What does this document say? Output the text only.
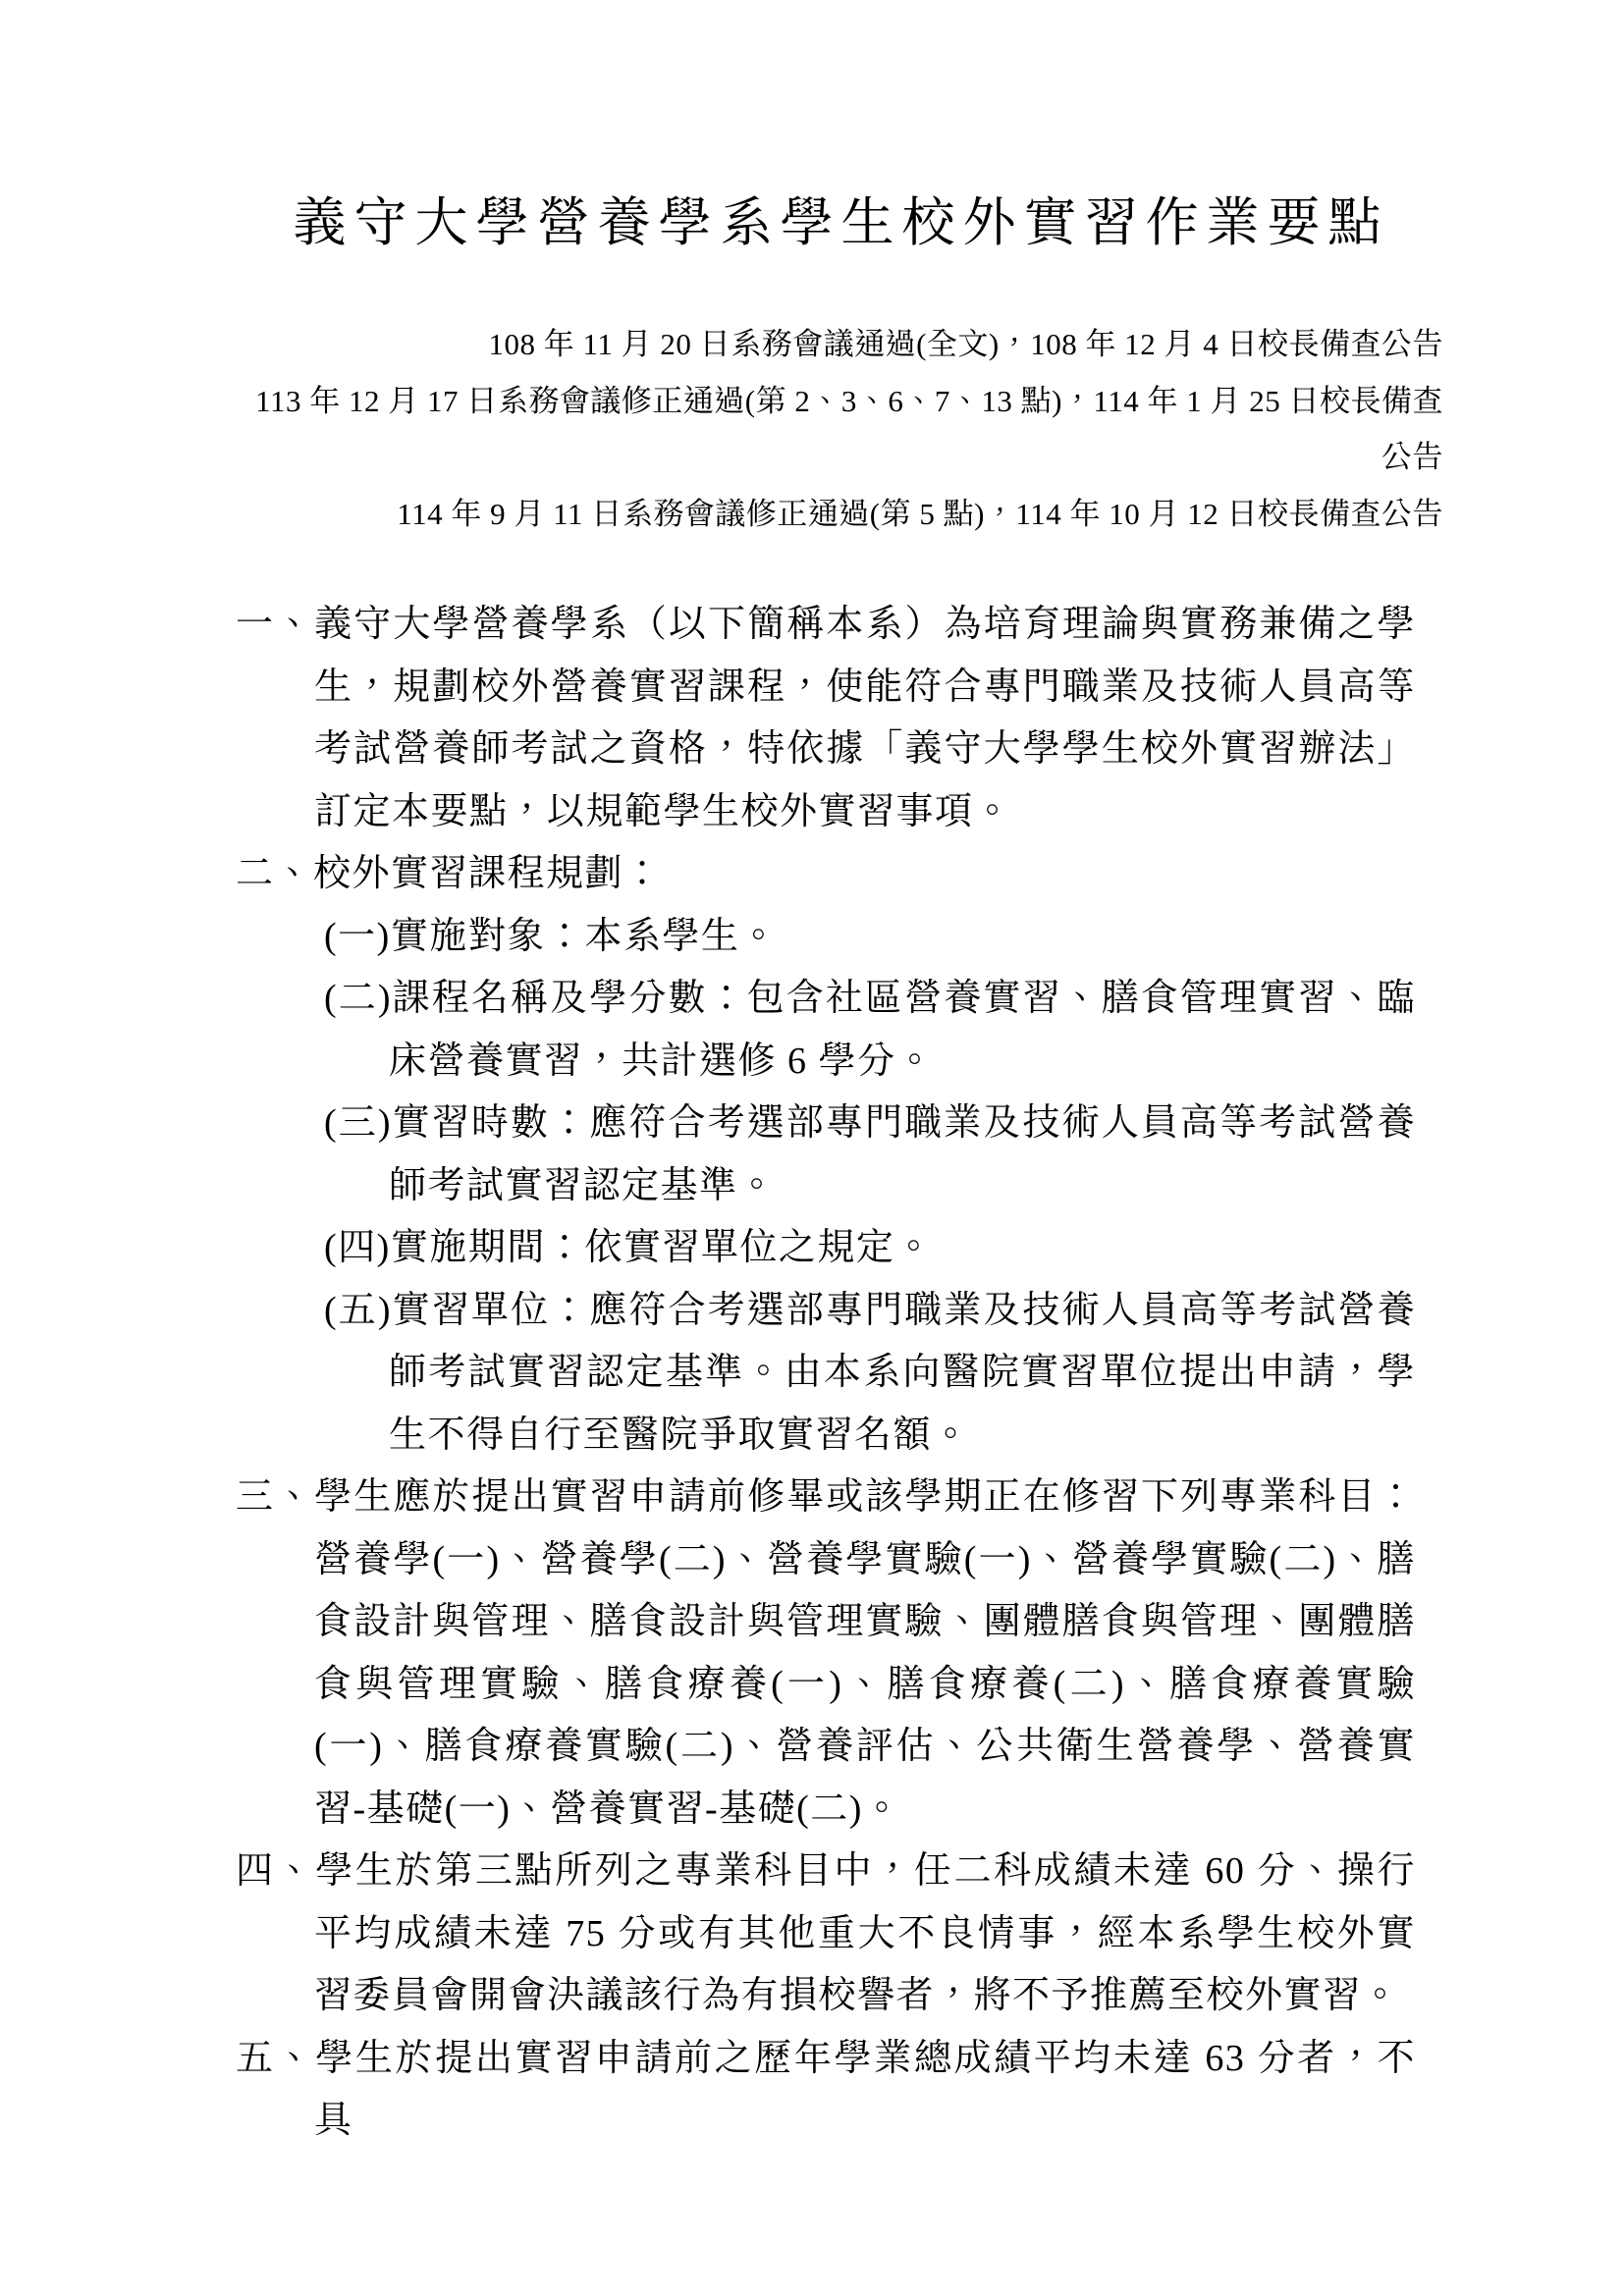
義守大學營養學系學生校外實習作業要點

108 年 11 月 20 日系務會議通過(全文)，108 年 12 月 4 日校長備查公告

113 年 12 月 17 日系務會議修正通過(第 2、3、6、7、13 點)，114 年 1 月 25 日校長備查公告

114 年 9 月 11 日系務會議修正通過(第 5 點)，114 年 10 月 12 日校長備查公告

一、義守大學營養學系（以下簡稱本系）為培育理論與實務兼備之學生，規劃校外營養實習課程，使能符合專門職業及技術人員高等考試營養師考試之資格，特依據「義守大學學生校外實習辦法」訂定本要點，以規範學生校外實習事項。
二、校外實習課程規劃：
(一)實施對象：本系學生。
(二)課程名稱及學分數：包含社區營養實習、膳食管理實習、臨床營養實習，共計選修 6 學分。
(三)實習時數：應符合考選部專門職業及技術人員高等考試營養師考試實習認定基準。
(四)實施期間：依實習單位之規定。
(五)實習單位：應符合考選部專門職業及技術人員高等考試營養師考試實習認定基準。由本系向醫院實習單位提出申請，學生不得自行至醫院爭取實習名額。
三、學生應於提出實習申請前修畢或該學期正在修習下列專業科目：營養學(一)、營養學(二)、營養學實驗(一)、營養學實驗(二)、膳食設計與管理、膳食設計與管理實驗、團體膳食與管理、團體膳食與管理實驗、膳食療養(一)、膳食療養(二)、膳食療養實驗(一)、膳食療養實驗(二)、營養評估、公共衛生營養學、營養實習-基礎(一)、營養實習-基礎(二)。
四、學生於第三點所列之專業科目中，任二科成績未達 60 分、操行平均成績未達 75 分或有其他重大不良情事，經本系學生校外實習委員會開會決議該行為有損校譽者，將不予推薦至校外實習。
五、學生於提出實習申請前之歷年學業總成績平均未達 63 分者，不具
